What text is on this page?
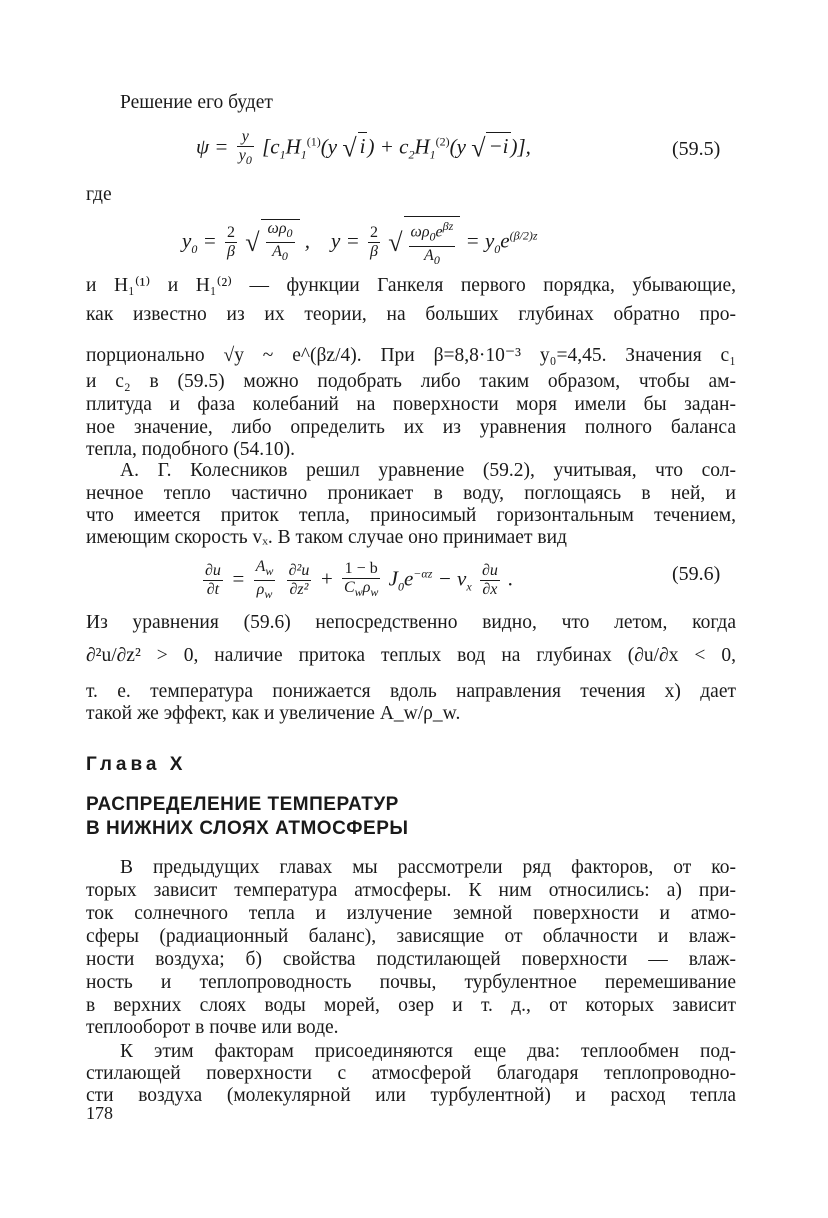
Решение его будет
$\psi = \frac{y}{y_0} [c_1H_1^{(1)}(y$ √ $i) + c_2H_1^{(2)}(y$ √ −i)],	(59.5)
где
$y_0 = \frac{2}{\beta}$ √ $\frac{\omega\rho_0}{A_0}$ ,    $y = \frac{2}{\beta}$ √ $\frac{\omega\rho_0e^{\beta z}}{A_0} = y_0e^{(\beta/2)z}$
и H₁⁽¹⁾ и H₁⁽²⁾ — функции Ганкеля первого порядка, убывающие,
как известно из их теории, на больших глубинах обратно про-
порционально √y ~ e^(βz/4). При β=8,8·10⁻³ y₀=4,45. Значения c₁
и c₂ в (59.5) можно подобрать либо таким образом, чтобы ам-
плитуда и фаза колебаний на поверхности моря имели бы задан-
ное значение, либо определить их из уравнения полного баланса
тепла, подобного (54.10).
А. Г. Колесников решил уравнение (59.2), учитывая, что сол-
нечное тепло частично проникает в воду, поглощаясь в ней, и
что имеется приток тепла, приносимый горизонтальным течением,
имеющим скорость vₓ. В таком случае оно принимает вид
$\frac{\partial u}{\partial t} = \frac{A_w}{\rho_w}$
$\frac{\text{∂²u}}{\text{∂z²}} + \frac{1 - b}{C_w\rho_w} J_0e^{-\alpha z} - v_x \frac{\partial u}{\partial x}$ .	(59.6)
Из уравнения (59.6) непосредственно видно, что летом, когда
∂²u/∂z² > 0, наличие притока теплых вод на глубинах (∂u/∂x < 0,
т. е. температура понижается вдоль направления течения x) дает
такой же эффект, как и увеличение A_w/ρ_w.
Глава X
РАСПРЕДЕЛЕНИЕ ТЕМПЕРАТУР
В НИЖНИХ СЛОЯХ АТМОСФЕРЫ
В предыдущих главах мы рассмотрели ряд факторов, от ко-
торых зависит температура атмосферы. К ним относились: а) при-
ток солнечного тепла и излучение земной поверхности и атмо-
сферы (радиационный баланс), зависящие от облачности и влаж-
ности воздуха; б) свойства подстилающей поверхности — влаж-
ность и теплопроводность почвы, турбулентное перемешивание
в верхних слоях воды морей, озер и т. д., от которых зависит
теплооборот в почве или воде.
К этим факторам присоединяются еще два: теплообмен под-
стилающей поверхности с атмосферой благодаря теплопроводно-
сти воздуха (молекулярной или турбулентной) и расход тепла
178
